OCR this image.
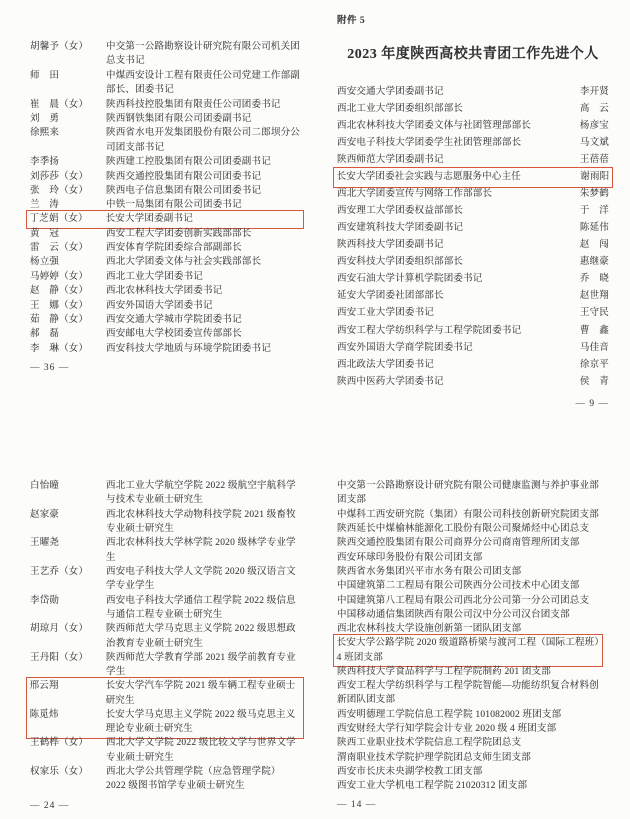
胡馨予（女）	中交第一公路勘察设计研究院有限公司机关团总支书记
师　田	中煤西安设计工程有限责任公司党建工作部副部长、团委书记
崔　晨（女）	陕西科技控股集团有限责任公司团委书记
刘　勇	陕西钢铁集团有限公司团委副书记
徐熙来	陕西省水电开发集团股份有限公司二郎坝分公司团支部书记
李季扬	陕西建工控股集团有限公司团委副书记
刘莎莎（女）	陕西交通控股集团有限公司团委书记
张　玲（女）	陕西电子信息集团有限公司团委书记
兰　涛	中铁一局集团有限公司团委书记
丁芝娟（女）	长安大学团委副书记
黄　冠	西安工程大学团委创新实践部部长
雷　云（女）	西安体育学院团委综合部副部长
杨立强	西北大学团委文体与社会实践部部长
马婷婷（女）	西北工业大学团委书记
赵　静（女）	西北农林科技大学团委书记
王　娜（女）	西安外国语大学团委书记
茹　静（女）	西安交通大学城市学院团委书记
郝　磊	西安邮电大学校团委宣传部部长
李　琳（女）	西安科技大学地质与环境学院团委书记
— 36 —
附件 5
2023 年度陕西高校共青团工作先进个人
西安交通大学团委副书记	李开贤
西北工业大学团委组织部部长	高　云
西北农林科技大学团委文体与社团管理部部长	杨彦宝
西安电子科技大学团委学生社团管理部部长	马文斌
陕西师范大学团委副书记	王蓓蓓
长安大学团委社会实践与志愿服务中心主任	谢雨阳
西北大学团委宣传与网络工作部部长	朱梦鹤
西安理工大学团委权益部部长	于　洋
西安建筑科技大学团委副书记	陈延伟
陕西科技大学团委副书记	赵　闯
西安科技大学团委组织部部长	惠继豪
西安石油大学计算机学院团委书记	乔　晓
延安大学团委社团部部长	赵世翔
西安工业大学团委书记	王守民
西安工程大学纺织科学与工程学院团委书记	曹　鑫
西安外国语大学商学院团委书记	马佳音
西北政法大学团委书记	徐京平
陕西中医药大学团委书记	侯　青
— 9 —
白怡曈	西北工业大学航空学院 2022 级航空宇航科学与技术专业硕士研究生
赵家豪	西北农林科技大学动物科技学院 2021 级畜牧专业硕士研究生
王曜尧	西北农林科技大学林学院 2020 级林学专业学生
王艺乔（女）	西安电子科技大学人文学院 2020 级汉语言文学专业学生
李岱勋	西安电子科技大学通信工程学院 2022 级信息与通信工程专业硕士研究生
胡琼月（女）	陕西师范大学马克思主义学院 2022 级思想政治教育专业硕士研究生
王丹阳（女）	陕西师范大学教育学部 2021 级学前教育专业学生
邢云翔	长安大学汽车学院 2021 级车辆工程专业硕士研究生
陈觅炜	长安大学马克思主义学院 2022 级马克思主义理论专业硕士研究生
王鹤桦（女）	西北大学文学院 2022 级比较文学与世界文学专业硕士研究生
权家乐（女）	西北大学公共管理学院（应急管理学院）2022 级图书馆学专业硕士研究生
— 24 —
中交第一公路勘察设计研究院有限公司健康监测与养护事业部团支部
中煤科工西安研究院（集团）有限公司科技创新研究院团支部
陕西延长中煤榆林能源化工股份有限公司聚烯烃中心团总支
陕西交通控股集团有限公司商界分公司商南管理所团支部
西安环球印务股份有限公司团支部
陕西省水务集团兴平市水务有限公司团支部
中国建筑第二工程局有限公司陕西分公司技术中心团支部
中国建筑第八工程局有限公司西北分公司第一分公司团总支
中国移动通信集团陕西有限公司汉中分公司汉台团支部
西北农林科技大学设施创新第一团队团支部
长安大学公路学院 2020 级道路桥梁与渡河工程（国际工程班）4 班团支部
陕西科技大学食品科学与工程学院制药 201 团支部
西安工程大学纺织科学与工程学院智能—功能纺织复合材料创新团队团支部
西安明德理工学院信息工程学院 101082002 班团支部
西安财经大学行知学院会计专业 2020 级 4 班团支部
陕西工业职业技术学院信息工程学院团总支
渭南职业技术学院护理学院团总支师生团支部
西安市长庆未央湖学校教工团支部
西安工业大学机电工程学院 21020312 团支部
— 14 —
